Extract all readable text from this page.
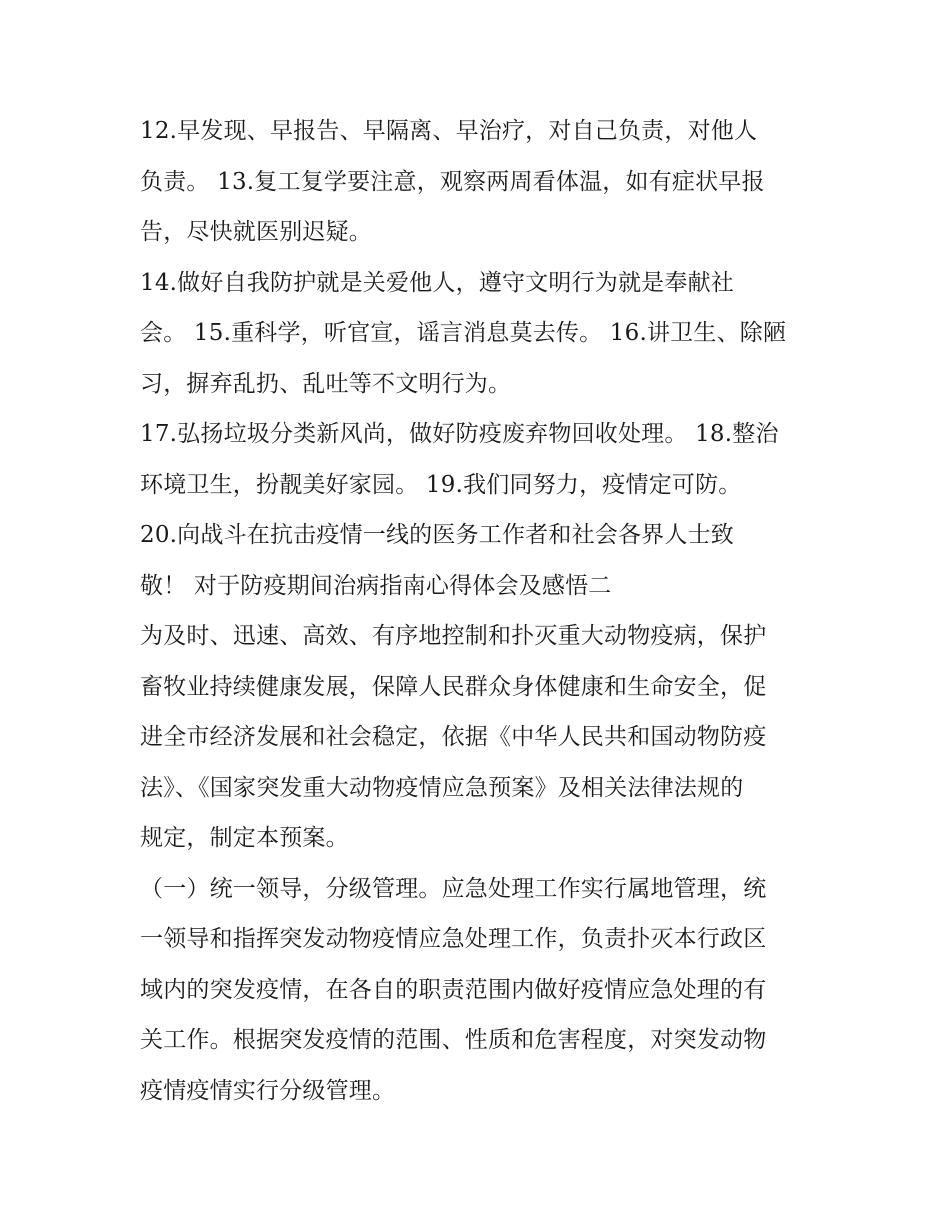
12.早发现、早报告、早隔离、早治疗，对自己负责，对他人
负责。 13.复工复学要注意，观察两周看体温，如有症状早报
告，尽快就医别迟疑。
14.做好自我防护就是关爱他人，遵守文明行为就是奉献社
会。 15.重科学，听官宣，谣言消息莫去传。 16.讲卫生、除陋
习，摒弃乱扔、乱吐等不文明行为。
17.弘扬垃圾分类新风尚，做好防疫废弃物回收处理。 18.整治
环境卫生，扮靓美好家园。 19.我们同努力，疫情定可防。
20.向战斗在抗击疫情一线的医务工作者和社会各界人士致
敬！ 对于防疫期间治病指南心得体会及感悟二
为及时、迅速、高效、有序地控制和扑灭重大动物疫病，保护
畜牧业持续健康发展，保障人民群众身体健康和生命安全，促
进全市经济发展和社会稳定，依据《中华人民共和国动物防疫
法》、《国家突发重大动物疫情应急预案》及相关法律法规的
规定，制定本预案。
（一）统一领导，分级管理。应急处理工作实行属地管理，统
一领导和指挥突发动物疫情应急处理工作，负责扑灭本行政区
域内的突发疫情，在各自的职责范围内做好疫情应急处理的有
关工作。根据突发疫情的范围、性质和危害程度，对突发动物
疫情疫情实行分级管理。
